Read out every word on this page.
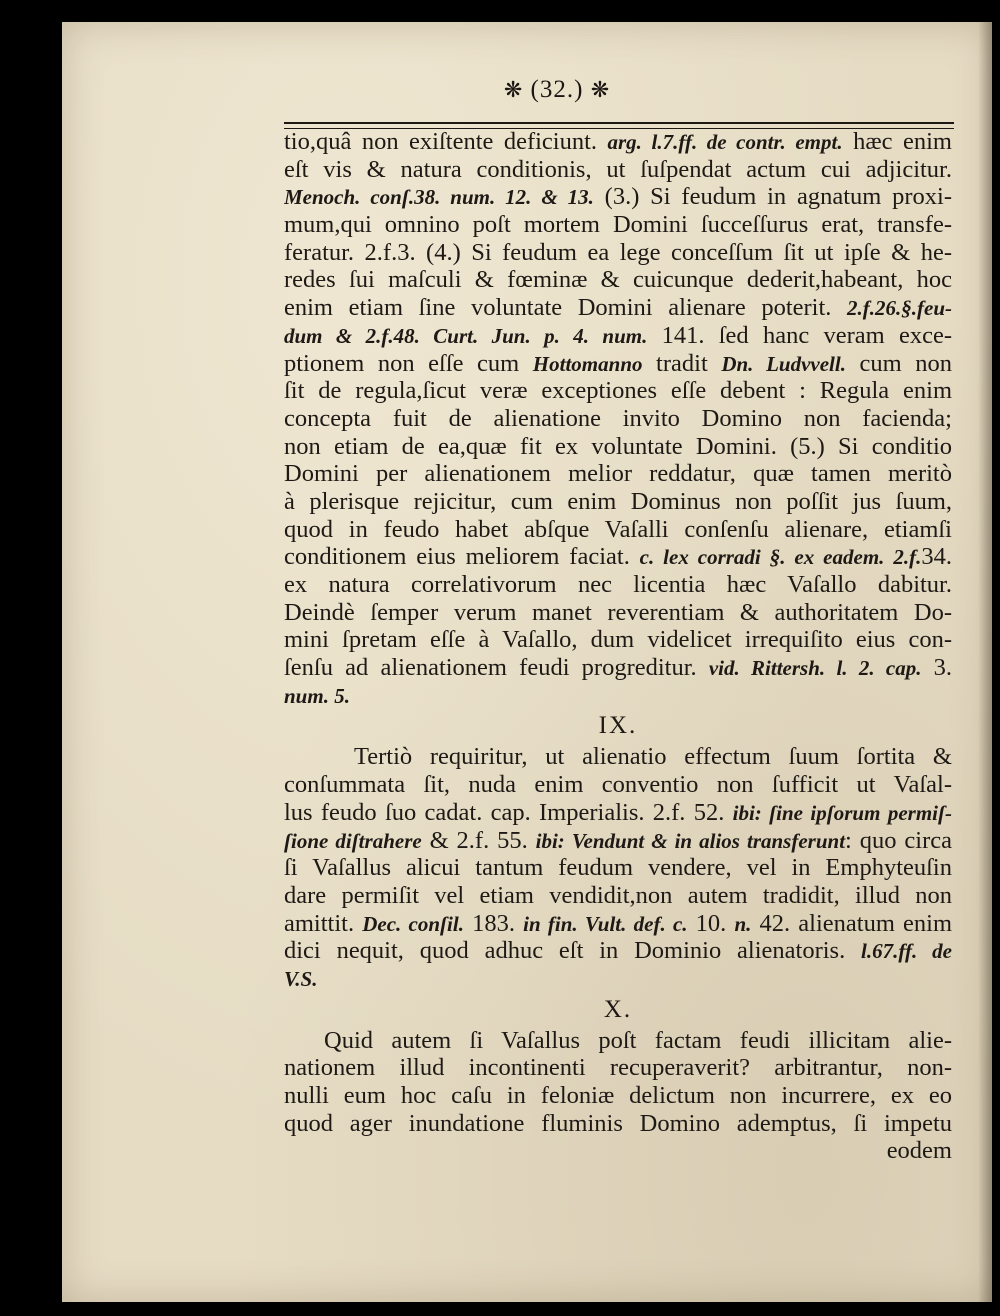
❋ (32.) ❋
tio,quâ non exiſtente deficiunt. arg. l.7.ff. de contr. empt. hæc enim
eſt vis & natura conditionis, ut ſuſpendat actum cui adjicitur.
Menoch. conſ.38. num. 12. & 13. (3.) Si feudum in agnatum proxi-
mum,qui omnino poſt mortem Domini ſucceſſurus erat, transfe-
feratur. 2.f.3. (4.) Si feudum ea lege conceſſum ſit ut ipſe & he-
redes ſui maſculi & fœminæ & cuicunque dederit,habeant, hoc
enim etiam ſine voluntate Domini alienare poterit. 2.f.26.§.feu-
dum & 2.f.48. Curt. Jun. p. 4. num. 141. ſed hanc veram exce-
ptionem non eſſe cum Hottomanno tradit Dn. Ludvvell. cum non
ſit de regula,ſicut veræ exceptiones eſſe debent : Regula enim
concepta fuit de alienatione invito Domino non facienda;
non etiam de ea,quæ fit ex voluntate Domini. (5.) Si conditio
Domini per alienationem melior reddatur, quæ tamen meritò
à plerisque rejicitur, cum enim Dominus non poſſit jus ſuum,
quod in feudo habet abſque Vaſalli conſenſu alienare, etiamſi
conditionem eius meliorem faciat. c. lex corradi §. ex eadem. 2.f.34.
ex natura correlativorum nec licentia hæc Vaſallo dabitur.
Deindè ſemper verum manet reverentiam & authoritatem Do-
mini ſpretam eſſe à Vaſallo, dum videlicet irrequiſito eius con-
ſenſu ad alienationem feudi progreditur. vid. Rittersh. l. 2. cap. 3.
num. 5.
IX.
Tertiò requiritur, ut alienatio effectum ſuum ſortita &
conſummata ſit, nuda enim conventio non ſufficit ut Vaſal-
lus feudo ſuo cadat. cap. Imperialis. 2.f. 52. ibi: ſine ipſorum permiſ-
ſione diſtrahere & 2.f. 55. ibi: Vendunt & in alios transferunt: quo circa
ſi Vaſallus alicui tantum feudum vendere, vel in Emphyteuſin
dare permiſit vel etiam vendidit,non autem tradidit, illud non
amittit. Dec. conſil. 183. in fin. Vult. def. c. 10. n. 42. alienatum enim
dici nequit, quod adhuc eſt in Dominio alienatoris. l.67.ff. de
V.S.
X.
Quid autem ſi Vaſallus poſt factam feudi illicitam alie-
nationem illud incontinenti recuperaverit? arbitrantur, non-
nulli eum hoc caſu in feloniæ delictum non incurrere, ex eo
quod ager inundatione fluminis Domino ademptus, ſi impetu
eodem
